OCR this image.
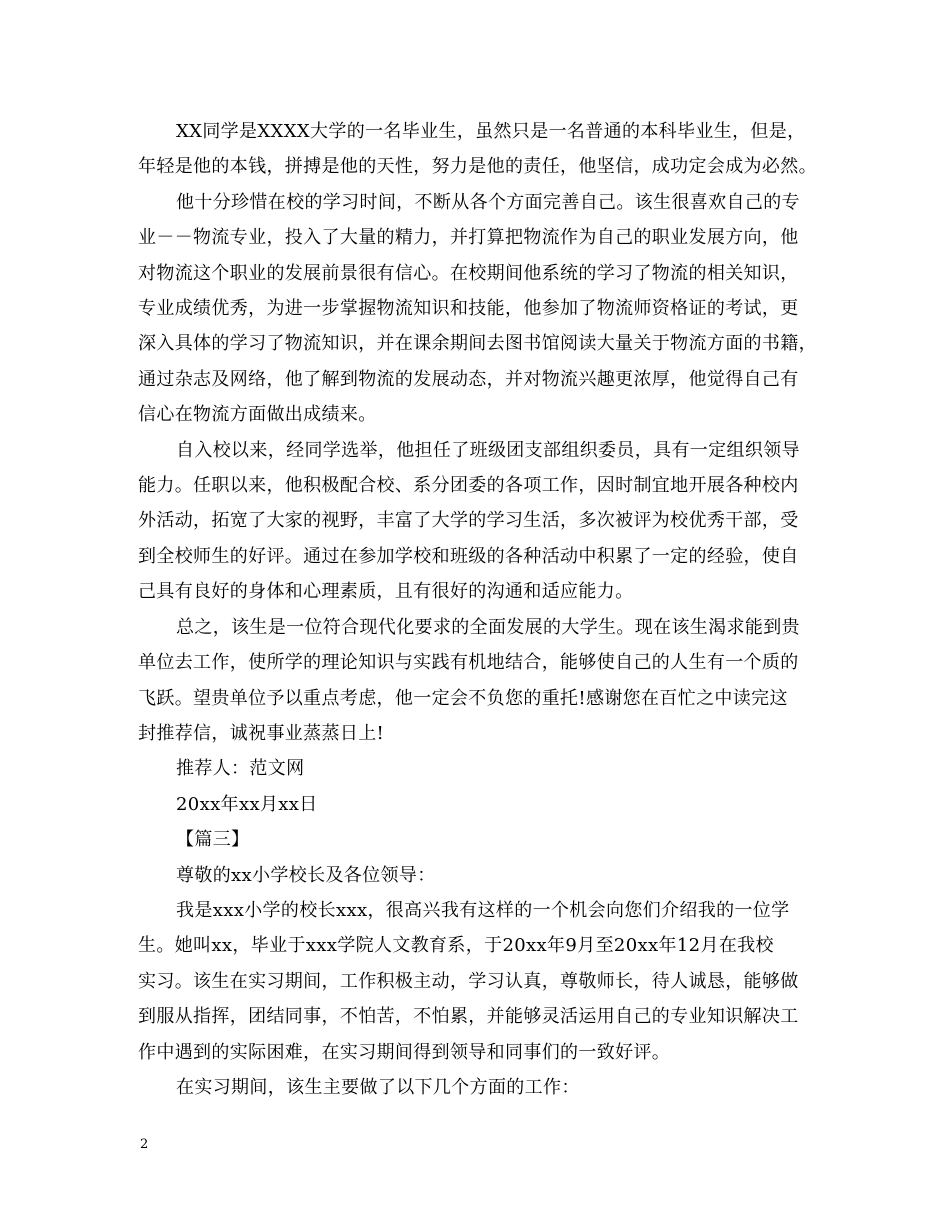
XX同学是XXXX大学的一名毕业生，虽然只是一名普通的本科毕业生，但是，
年轻是他的本钱，拼搏是他的天性，努力是他的责任，他坚信，成功定会成为必然。

他十分珍惜在校的学习时间，不断从各个方面完善自己。该生很喜欢自己的专
业－－物流专业，投入了大量的精力，并打算把物流作为自己的职业发展方向，他
对物流这个职业的发展前景很有信心。在校期间他系统的学习了物流的相关知识，
专业成绩优秀，为进一步掌握物流知识和技能，他参加了物流师资格证的考试，更
深入具体的学习了物流知识，并在课余期间去图书馆阅读大量关于物流方面的书籍，
通过杂志及网络，他了解到物流的发展动态，并对物流兴趣更浓厚，他觉得自己有
信心在物流方面做出成绩来。

自入校以来，经同学选举，他担任了班级团支部组织委员，具有一定组织领导
能力。任职以来，他积极配合校、系分团委的各项工作，因时制宜地开展各种校内
外活动，拓宽了大家的视野，丰富了大学的学习生活，多次被评为校优秀干部，受
到全校师生的好评。通过在参加学校和班级的各种活动中积累了一定的经验，使自
己具有良好的身体和心理素质，且有很好的沟通和适应能力。

总之，该生是一位符合现代化要求的全面发展的大学生。现在该生渴求能到贵
单位去工作，使所学的理论知识与实践有机地结合，能够使自己的人生有一个质的
飞跃。望贵单位予以重点考虑，他一定会不负您的重托!感谢您在百忙之中读完这
封推荐信，诚祝事业蒸蒸日上!

推荐人：范文网

20xx年xx月xx日

【篇三】

尊敬的xx小学校长及各位领导：

我是xxx小学的校长xxx，很高兴我有这样的一个机会向您们介绍我的一位学
生。她叫xx，毕业于xxx学院人文教育系，于20xx年9月至20xx年12月在我校
实习。该生在实习期间，工作积极主动，学习认真，尊敬师长，待人诚恳，能够做
到服从指挥，团结同事，不怕苦，不怕累，并能够灵活运用自己的专业知识解决工
作中遇到的实际困难，在实习期间得到领导和同事们的一致好评。

在实习期间，该生主要做了以下几个方面的工作：

2
